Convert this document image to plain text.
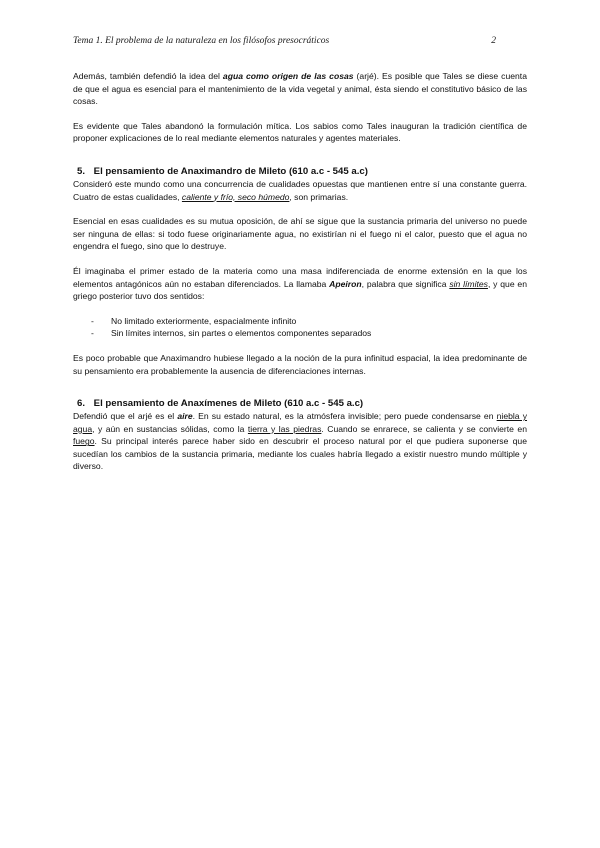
Tema 1. El problema de la naturaleza en los filósofos presocráticos	2

Además, también defendió la idea del agua como origen de las cosas (arjé). Es posible que Tales se diese cuenta de que el agua es esencial para el mantenimiento de la vida vegetal y animal, ésta siendo el constitutivo básico de las cosas.

Es evidente que Tales abandonó la formulación mítica. Los sabios como Tales inauguran la tradición científica de proponer explicaciones de lo real mediante elementos naturales y agentes materiales.

5. El pensamiento de Anaximandro de Mileto (610 a.c - 545 a.c)

Consideró este mundo como una concurrencia de cualidades opuestas que mantienen entre sí una constante guerra. Cuatro de estas cualidades, caliente y frío, seco húmedo, son primarias.

Esencial en esas cualidades es su mutua oposición, de ahí se sigue que la sustancia primaria del universo no puede ser ninguna de ellas: si todo fuese originariamente agua, no existirían ni el fuego ni el calor, puesto que el agua no engendra el fuego, sino que lo destruye.

Él imaginaba el primer estado de la materia como una masa indiferenciada de enorme extensión en la que los elementos antagónicos aún no estaban diferenciados. La llamaba Apeiron, palabra que significa sin límites, y que en griego posterior tuvo dos sentidos:

- No limitado exteriormente, espacialmente infinito
- Sin límites internos, sin partes o elementos componentes separados

Es poco probable que Anaximandro hubiese llegado a la noción de la pura infinitud espacial, la idea predominante de su pensamiento era probablemente la ausencia de diferenciaciones internas.

6. El pensamiento de Anaxímenes de Mileto (610 a.c - 545 a.c)

Defendió que el arjé es el aire. En su estado natural, es la atmósfera invisible; pero puede condensarse en niebla y agua, y aún en sustancias sólidas, como la tierra y las piedras. Cuando se enrarece, se calienta y se convierte en fuego. Su principal interés parece haber sido en descubrir el proceso natural por el que pudiera suponerse que sucedían los cambios de la sustancia primaria, mediante los cuales habría llegado a existir nuestro mundo múltiple y diverso.
